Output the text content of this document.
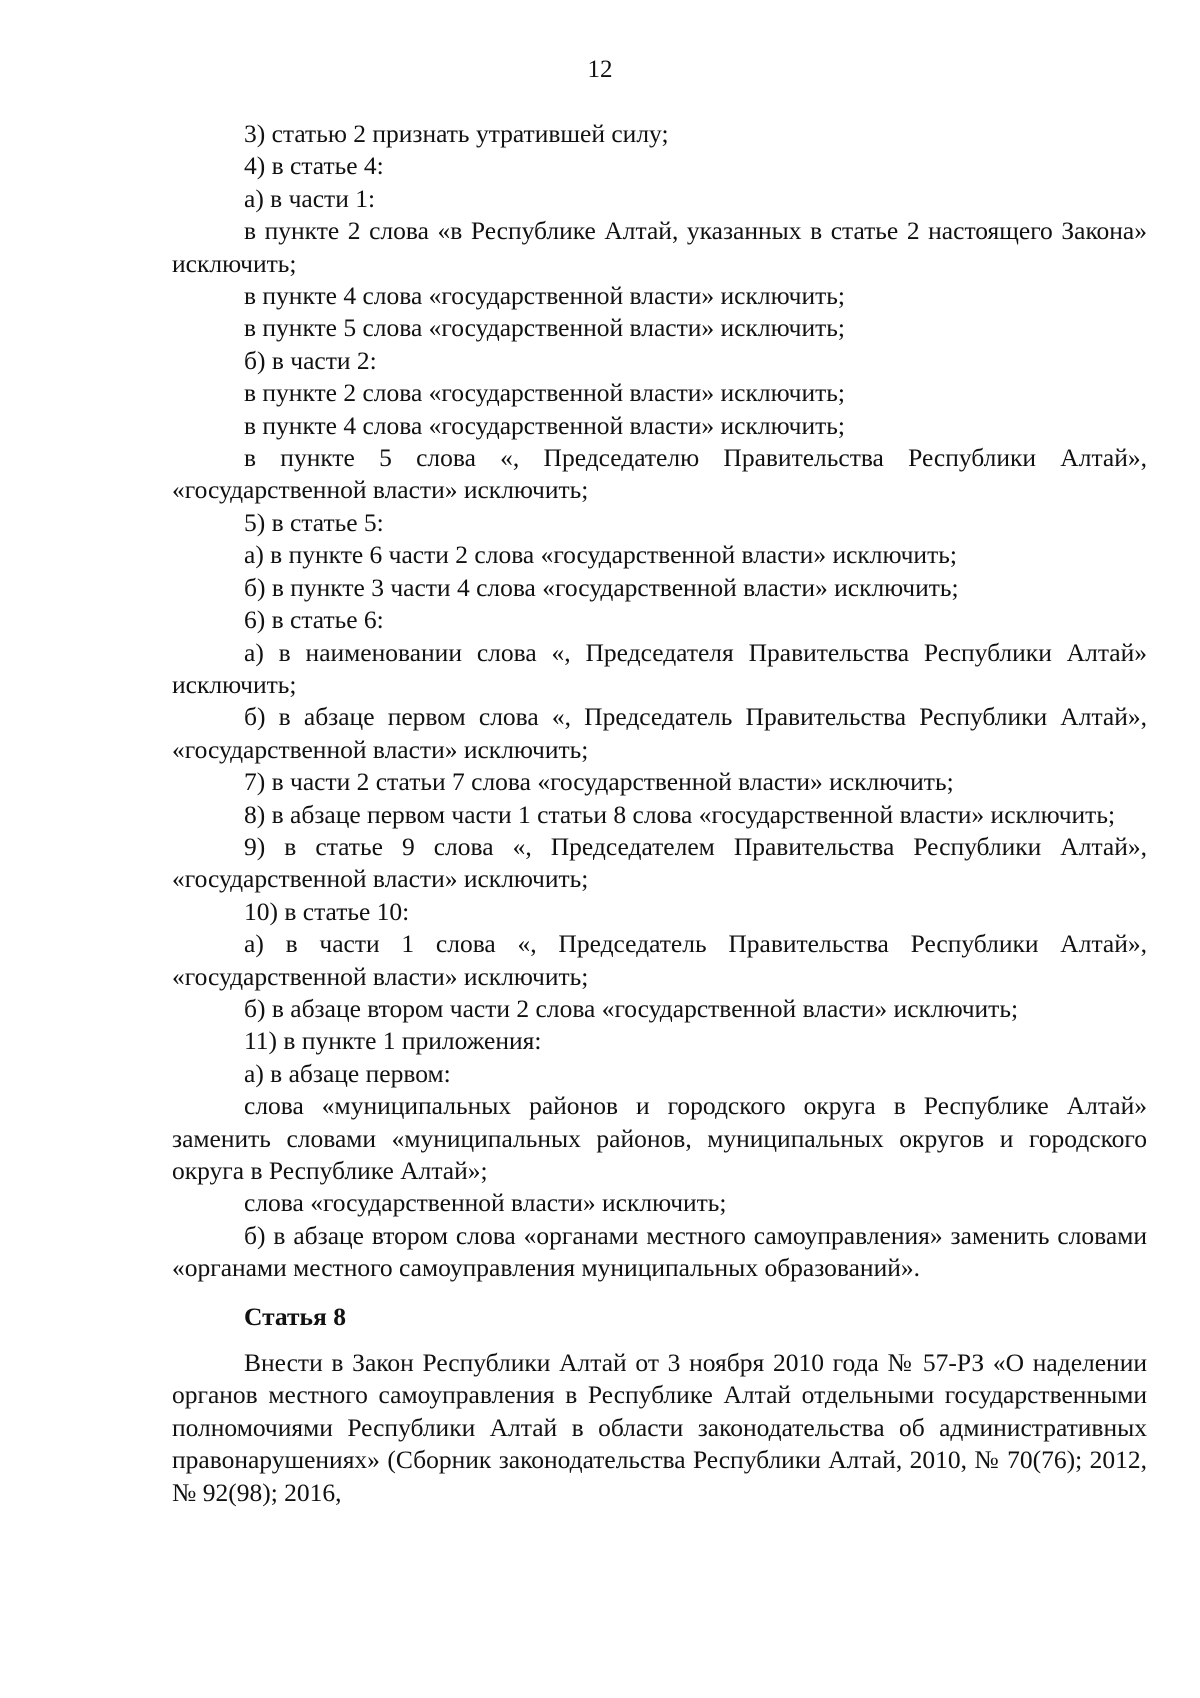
12

3) статью 2 признать утратившей силу;

4) в статье 4:

а) в части 1:

в пункте 2 слова «в Республике Алтай, указанных в статье 2 настоящего Закона» исключить;

в пункте 4 слова «государственной власти» исключить;

в пункте 5 слова «государственной власти» исключить;

б) в части 2:

в пункте 2 слова «государственной власти» исключить;

в пункте 4 слова «государственной власти» исключить;

в пункте 5 слова «, Председателю Правительства Республики Алтай», «государственной власти» исключить;

5) в статье 5:

а) в пункте 6 части 2 слова «государственной власти» исключить;

б) в пункте 3 части 4 слова «государственной власти» исключить;

6) в статье 6:

а) в наименовании слова «, Председателя Правительства Республики Алтай» исключить;

б) в абзаце первом слова «, Председатель Правительства Республики Алтай», «государственной власти» исключить;

7) в части 2 статьи 7 слова «государственной власти» исключить;

8) в абзаце первом части 1 статьи 8 слова «государственной власти» исключить;

9) в статье 9 слова «, Председателем Правительства Республики Алтай», «государственной власти» исключить;

10) в статье 10:

а) в части 1 слова «, Председатель Правительства Республики Алтай», «государственной власти» исключить;

б) в абзаце втором части 2 слова «государственной власти» исключить;

11) в пункте 1 приложения:

а) в абзаце первом:

слова «муниципальных районов и городского округа в Республике Алтай» заменить словами «муниципальных районов, муниципальных округов и городского округа в Республике Алтай»;

слова «государственной власти» исключить;

б) в абзаце втором слова «органами местного самоуправления» заменить словами «органами местного самоуправления муниципальных образований».

Статья 8

Внести в Закон Республики Алтай от 3 ноября 2010 года № 57-РЗ «О наделении органов местного самоуправления в Республике Алтай отдельными государственными полномочиями Республики Алтай в области законодательства об административных правонарушениях» (Сборник законодательства Республики Алтай, 2010, № 70(76); 2012, № 92(98); 2016,
